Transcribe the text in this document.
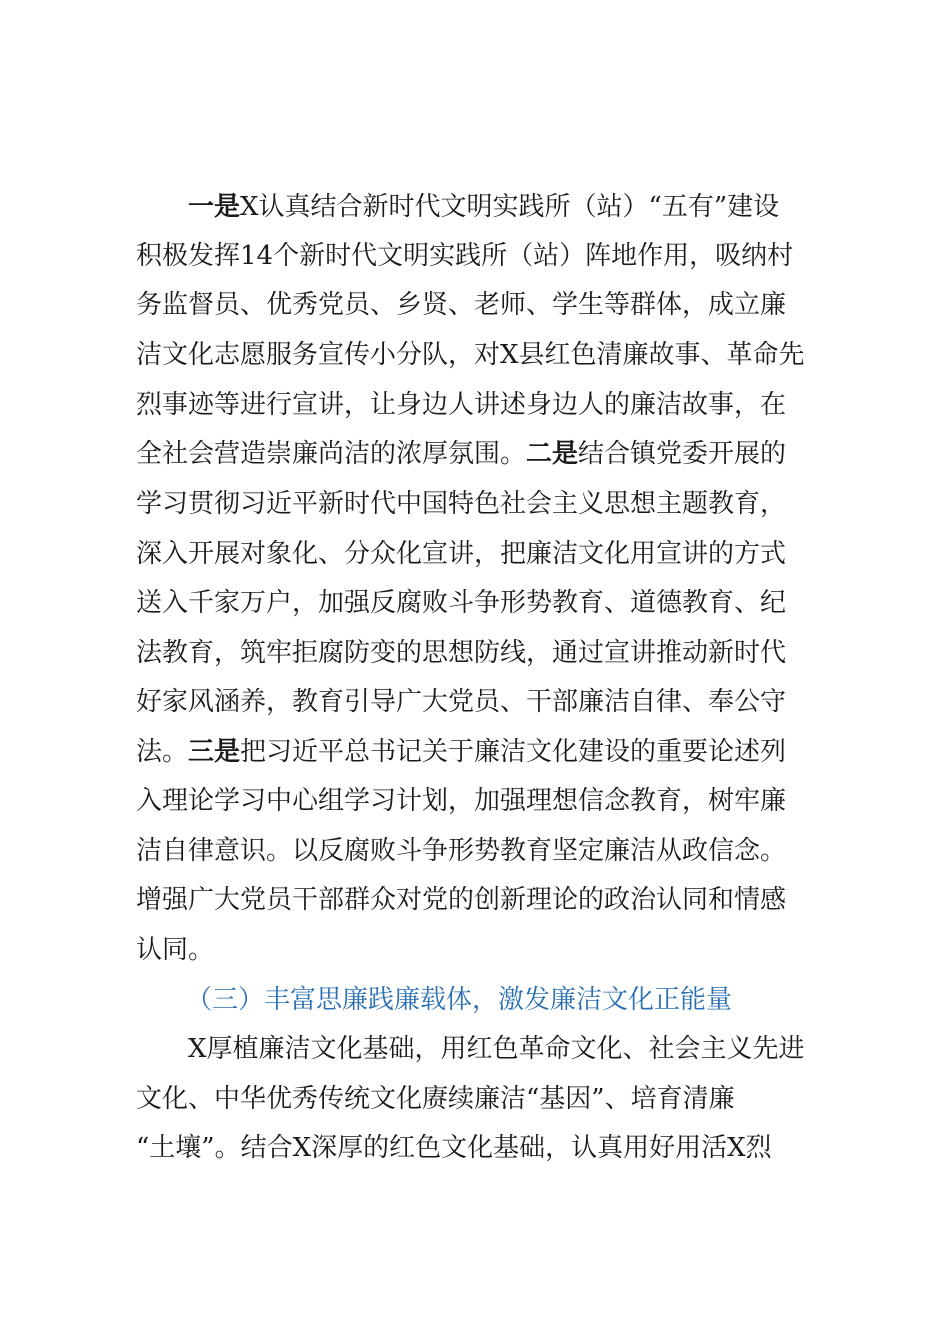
一是X认真结合新时代文明实践所（站）“五有”建设
积极发挥14个新时代文明实践所（站）阵地作用，吸纳村
务监督员、优秀党员、乡贤、老师、学生等群体，成立廉
洁文化志愿服务宣传小分队，对X县红色清廉故事、革命先
烈事迹等进行宣讲，让身边人讲述身边人的廉洁故事，在
全社会营造崇廉尚洁的浓厚氛围。二是结合镇党委开展的
学习贯彻习近平新时代中国特色社会主义思想主题教育，
深入开展对象化、分众化宣讲，把廉洁文化用宣讲的方式
送入千家万户，加强反腐败斗争形势教育、道德教育、纪
法教育，筑牢拒腐防变的思想防线，通过宣讲推动新时代
好家风涵养，教育引导广大党员、干部廉洁自律、奉公守
法。三是把习近平总书记关于廉洁文化建设的重要论述列
入理论学习中心组学习计划，加强理想信念教育，树牢廉
洁自律意识。以反腐败斗争形势教育坚定廉洁从政信念。
增强广大党员干部群众对党的创新理论的政治认同和情感
认同。
（三）丰富思廉践廉载体，激发廉洁文化正能量
X厚植廉洁文化基础，用红色革命文化、社会主义先进
文化、中华优秀传统文化赓续廉洁“基因”、培育清廉
“土壤”。结合X深厚的红色文化基础，认真用好用活X烈
